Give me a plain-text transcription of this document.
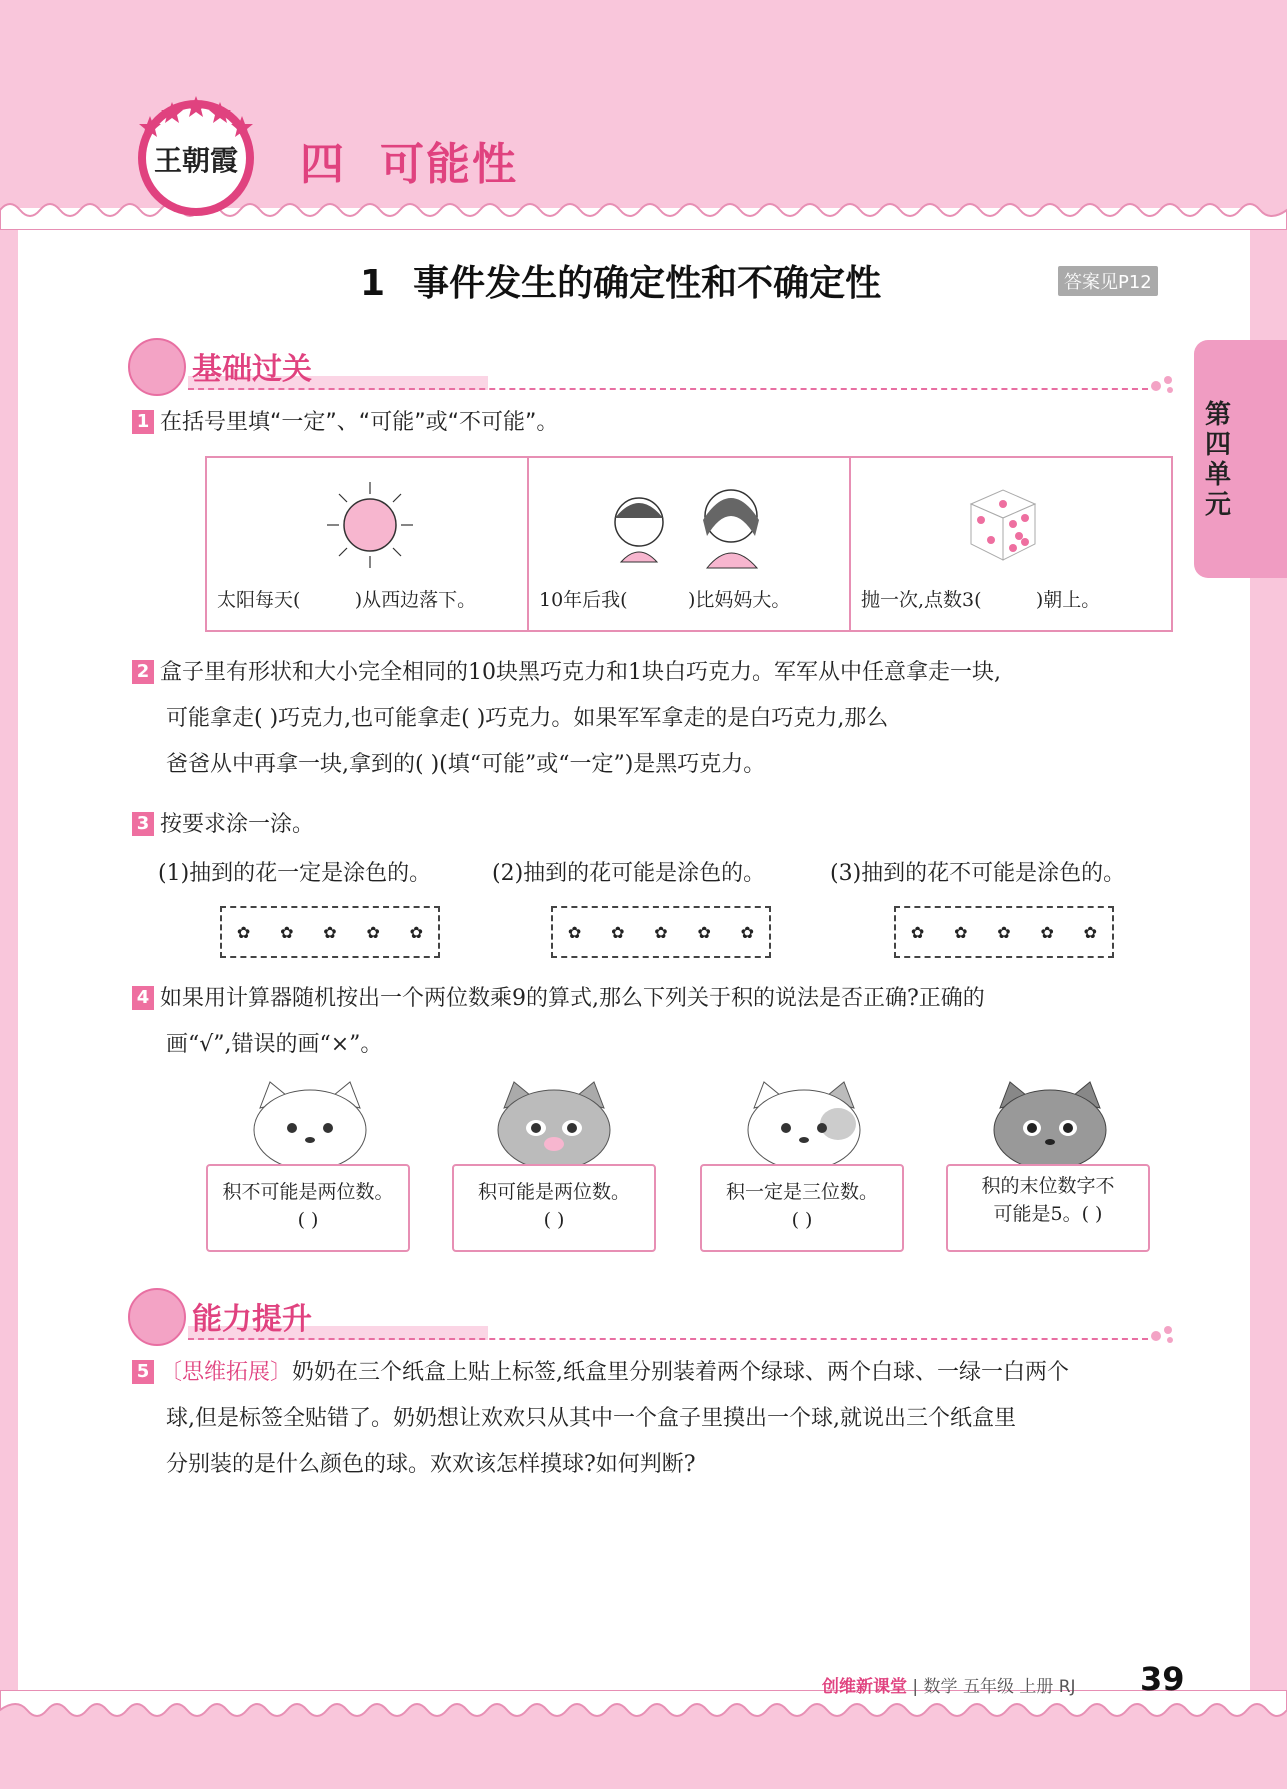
王朝霞 四 可能性
1 事件发生的确定性和不确定性	答案见P12
第四单元
基础过关
1 在括号里填“一定”、“可能”或“不可能”。
太阳每天(         )从西边落下。	10年后我(          )比妈妈大。	抛一次,点数3(         )朝上。
2 盒子里有形状和大小完全相同的10块黑巧克力和1块白巧克力。军军从中任意拿走一块,
可能拿走( )巧克力,也可能拿走( )巧克力。如果军军拿走的是白巧克力,那么
爸爸从中再拿一块,拿到的( )(填“可能”或“一定”)是黑巧克力。
3 按要求涂一涂。
(1)抽到的花一定是涂色的。	(2)抽到的花可能是涂色的。	(3)抽到的花不可能是涂色的。
✿ ✿ ✿ ✿ ✿	✿ ✿ ✿ ✿ ✿	✿ ✿ ✿ ✿ ✿
4 如果用计算器随机按出一个两位数乘9的算式,那么下列关于积的说法是否正确?正确的
画“√”,错误的画“×”。
积不可能是两位数。
( )
积可能是两位数。
( )
积一定是三位数。
( )
积的末位数字不
可能是5。( )
能力提升
5 〔思维拓展〕奶奶在三个纸盒上贴上标签,纸盒里分别装着两个绿球、两个白球、一绿一白两个
球,但是标签全贴错了。奶奶想让欢欢只从其中一个盒子里摸出一个球,就说出三个纸盒里
分别装的是什么颜色的球。欢欢该怎样摸球?如何判断?
创维新课堂 | 数学 五年级 上册 RJ 39
